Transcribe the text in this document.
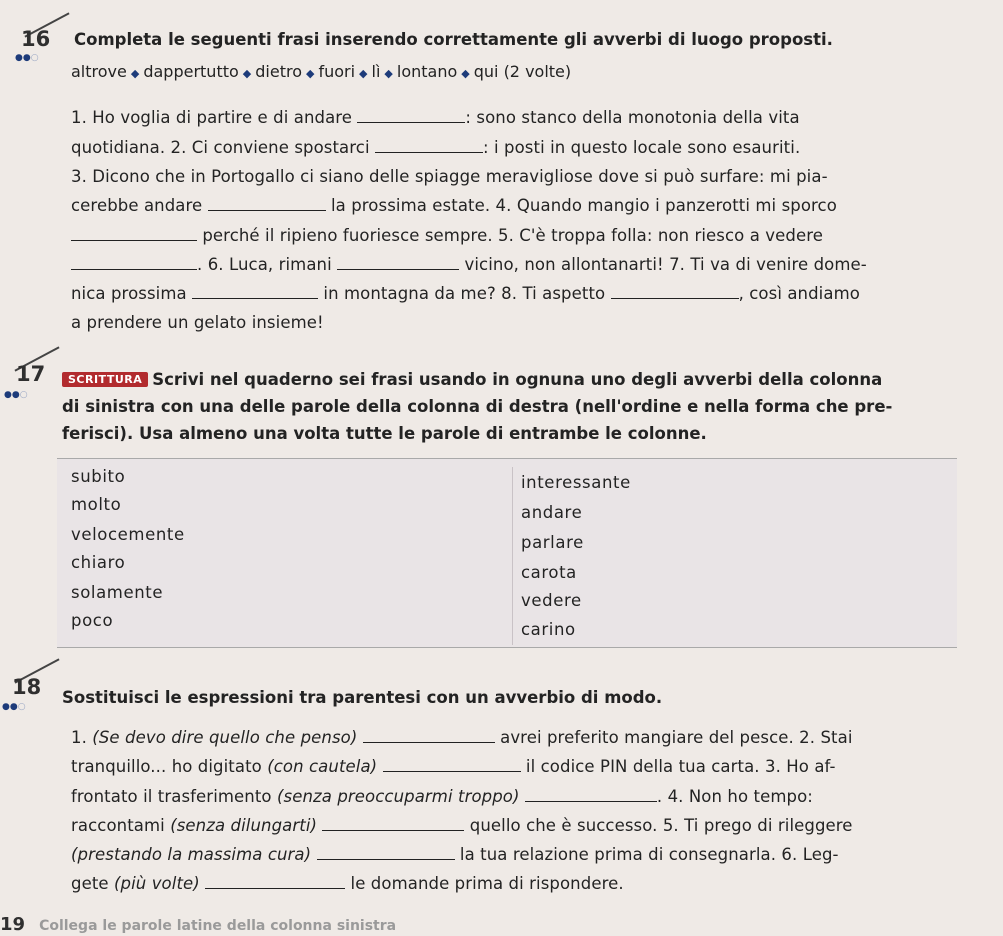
16
●●○
Completa le seguenti frasi inserendo correttamente gli avverbi di luogo proposti.
altrove ◆ dappertutto ◆ dietro ◆ fuori ◆ lì ◆ lontano ◆ qui (2 volte)
1. Ho voglia di partire e di andare	: sono stanco della monotonia della vita
quotidiana. 2. Ci conviene spostarci	: i posti in questo locale sono esauriti.
3. Dicono che in Portogallo ci siano delle spiagge meravigliose dove si può surfare: mi pia-
cerebbe andare	la prossima estate. 4. Quando mangio i panzerotti mi sporco
perché il ripieno fuoriesce sempre. 5. C'è troppa folla: non riesco a vedere
. 6. Luca, rimani	vicino, non allontanarti! 7. Ti va di venire dome-
nica prossima	in montagna da me? 8. Ti aspetto	, così andiamo
a prendere un gelato insieme!
17
●●○
SCRITTURA Scrivi nel quaderno sei frasi usando in ognuna uno degli avverbi della colonna
di sinistra con una delle parole della colonna di destra (nell'ordine e nella forma che pre-
ferisci). Usa almeno una volta tutte le parole di entrambe le colonne.
subito
molto
velocemente
chiaro
solamente
poco
interessante
andare
parlare
carota
vedere
carino
18
●●○ Sostituisci le espressioni tra parentesi con un avverbio di modo.
1. (Se devo dire quello che penso)	avrei preferito mangiare del pesce. 2. Stai
tranquillo... ho digitato (con cautela)	il codice PIN della tua carta. 3. Ho af-
frontato il trasferimento (senza preoccuparmi troppo)	. 4. Non ho tempo:
raccontami (senza dilungarti)	quello che è successo. 5. Ti prego di rileggere
(prestando la massima cura)	la tua relazione prima di consegnarla. 6. Leg-
gete (più volte)	le domande prima di rispondere.
19 Collega le parole latine della colonna sinistra
